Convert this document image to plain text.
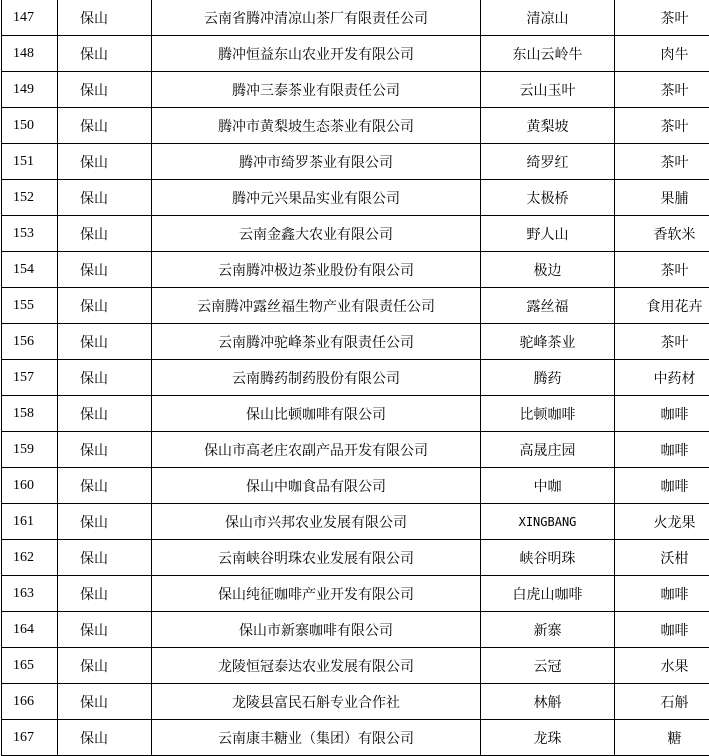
147	保山	云南省腾冲清凉山茶厂有限责任公司	清凉山	茶叶
148	保山	腾冲恒益东山农业开发有限公司	东山云岭牛	肉牛
149	保山	腾冲三泰茶业有限责任公司	云山玉叶	茶叶
150	保山	腾冲市黄梨坡生态茶业有限公司	黄梨坡	茶叶
151	保山	腾冲市绮罗茶业有限公司	绮罗红	茶叶
152	保山	腾冲元兴果品实业有限公司	太极桥	果脯
153	保山	云南金鑫大农业有限公司	野人山	香软米
154	保山	云南腾冲极边茶业股份有限公司	极边	茶叶
155	保山	云南腾冲露丝福生物产业有限责任公司	露丝福	食用花卉
156	保山	云南腾冲驼峰茶业有限责任公司	驼峰茶业	茶叶
157	保山	云南腾药制药股份有限公司	腾药	中药材
158	保山	保山比顿咖啡有限公司	比顿咖啡	咖啡
159	保山	保山市高老庄农副产品开发有限公司	高晟庄园	咖啡
160	保山	保山中咖食品有限公司	中咖	咖啡
161	保山	保山市兴邦农业发展有限公司	XINGBANG	火龙果
162	保山	云南峡谷明珠农业发展有限公司	峡谷明珠	沃柑
163	保山	保山纯征咖啡产业开发有限公司	白虎山咖啡	咖啡
164	保山	保山市新寨咖啡有限公司	新寨	咖啡
165	保山	龙陵恒冠泰达农业发展有限公司	云冠	水果
166	保山	龙陵县富民石斛专业合作社	林斛	石斛
167	保山	云南康丰糖业（集团）有限公司	龙珠	糖
